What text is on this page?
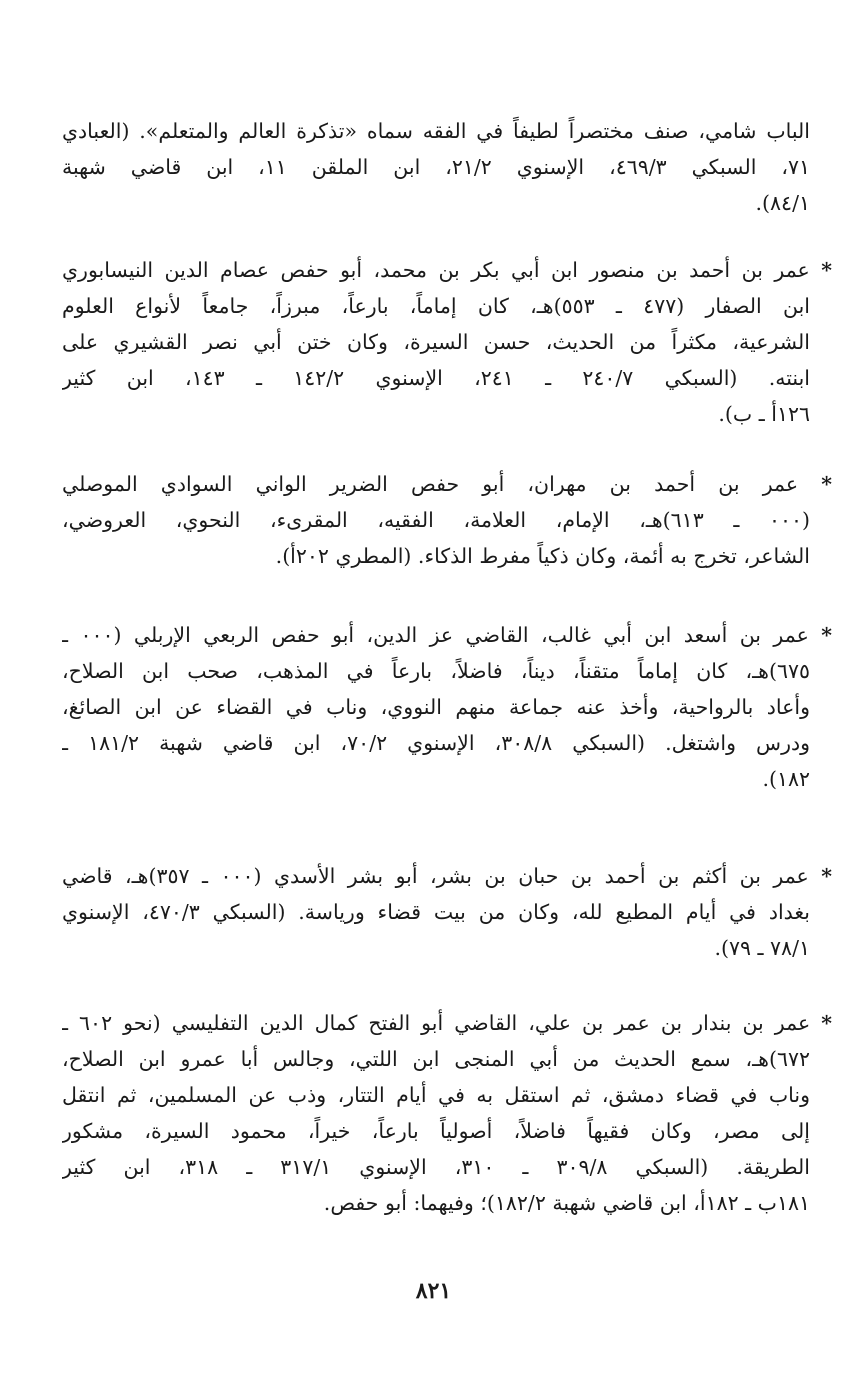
الباب شامي، صنف مختصراً لطيفاً في الفقه سماه «تذكرة العالم والمتعلم». (العبادي
٧١، السبكي ٤٦٩/٣، الإسنوي ٢١/٢، ابن الملقن ١١، ابن قاضي شهبة
٨٤/١).
* عمر بن أحمد بن منصور ابن أبي بكر بن محمد، أبو حفص عصام الدين النيسابوري
ابن الصفار (٤٧٧ ـ ٥٥٣)هـ، كان إماماً، بارعاً، مبرزاً، جامعاً لأنواع العلوم
الشرعية، مكثراً من الحديث، حسن السيرة، وكان ختن أبي نصر القشيري على
ابنته. (السبكي ٢٤٠/٧ ـ ٢٤١، الإسنوي ١٤٢/٢ ـ ١٤٣، ابن كثير
١٢٦أ ـ ب).
* عمر بن أحمد بن مهران، أبو حفص الضرير الواني السوادي الموصلي
(٠٠٠ ـ ٦١٣)هـ، الإمام، العلامة، الفقيه، المقرىء، النحوي، العروضي،
الشاعر، تخرج به أئمة، وكان ذكياً مفرط الذكاء. (المطري ٢٠٢أ).
* عمر بن أسعد ابن أبي غالب، القاضي عز الدين، أبو حفص الربعي الإربلي (٠٠٠ ـ
٦٧٥)هـ، كان إماماً متقناً، ديناً، فاضلاً، بارعاً في المذهب، صحب ابن الصلاح،
وأعاد بالرواحية، وأخذ عنه جماعة منهم النووي، وناب في القضاء عن ابن الصائغ،
ودرس واشتغل. (السبكي ٣٠٨/٨، الإسنوي ٧٠/٢، ابن قاضي شهبة ١٨١/٢ ـ
١٨٢).
* عمر بن أكثم بن أحمد بن حبان بن بشر، أبو بشر الأسدي (٠٠٠ ـ ٣٥٧)هـ، قاضي
بغداد في أيام المطيع لله، وكان من بيت قضاء ورياسة. (السبكي ٤٧٠/٣، الإسنوي
٧٨/١ ـ ٧٩).
* عمر بن بندار بن عمر بن علي، القاضي أبو الفتح كمال الدين التفليسي (نحو ٦٠٢ ـ
٦٧٢)هـ، سمع الحديث من أبي المنجى ابن اللتي، وجالس أبا عمرو ابن الصلاح،
وناب في قضاء دمشق، ثم استقل به في أيام التتار، وذب عن المسلمين، ثم انتقل
إلى مصر، وكان فقيهاً فاضلاً، أصولياً بارعاً، خيراً، محمود السيرة، مشكور
الطريقة. (السبكي ٣٠٩/٨ ـ ٣١٠، الإسنوي ٣١٧/١ ـ ٣١٨، ابن كثير
١٨١ب ـ ١٨٢أ، ابن قاضي شهبة ١٨٢/٢)؛ وفيهما: أبو حفص.
٨٢١
